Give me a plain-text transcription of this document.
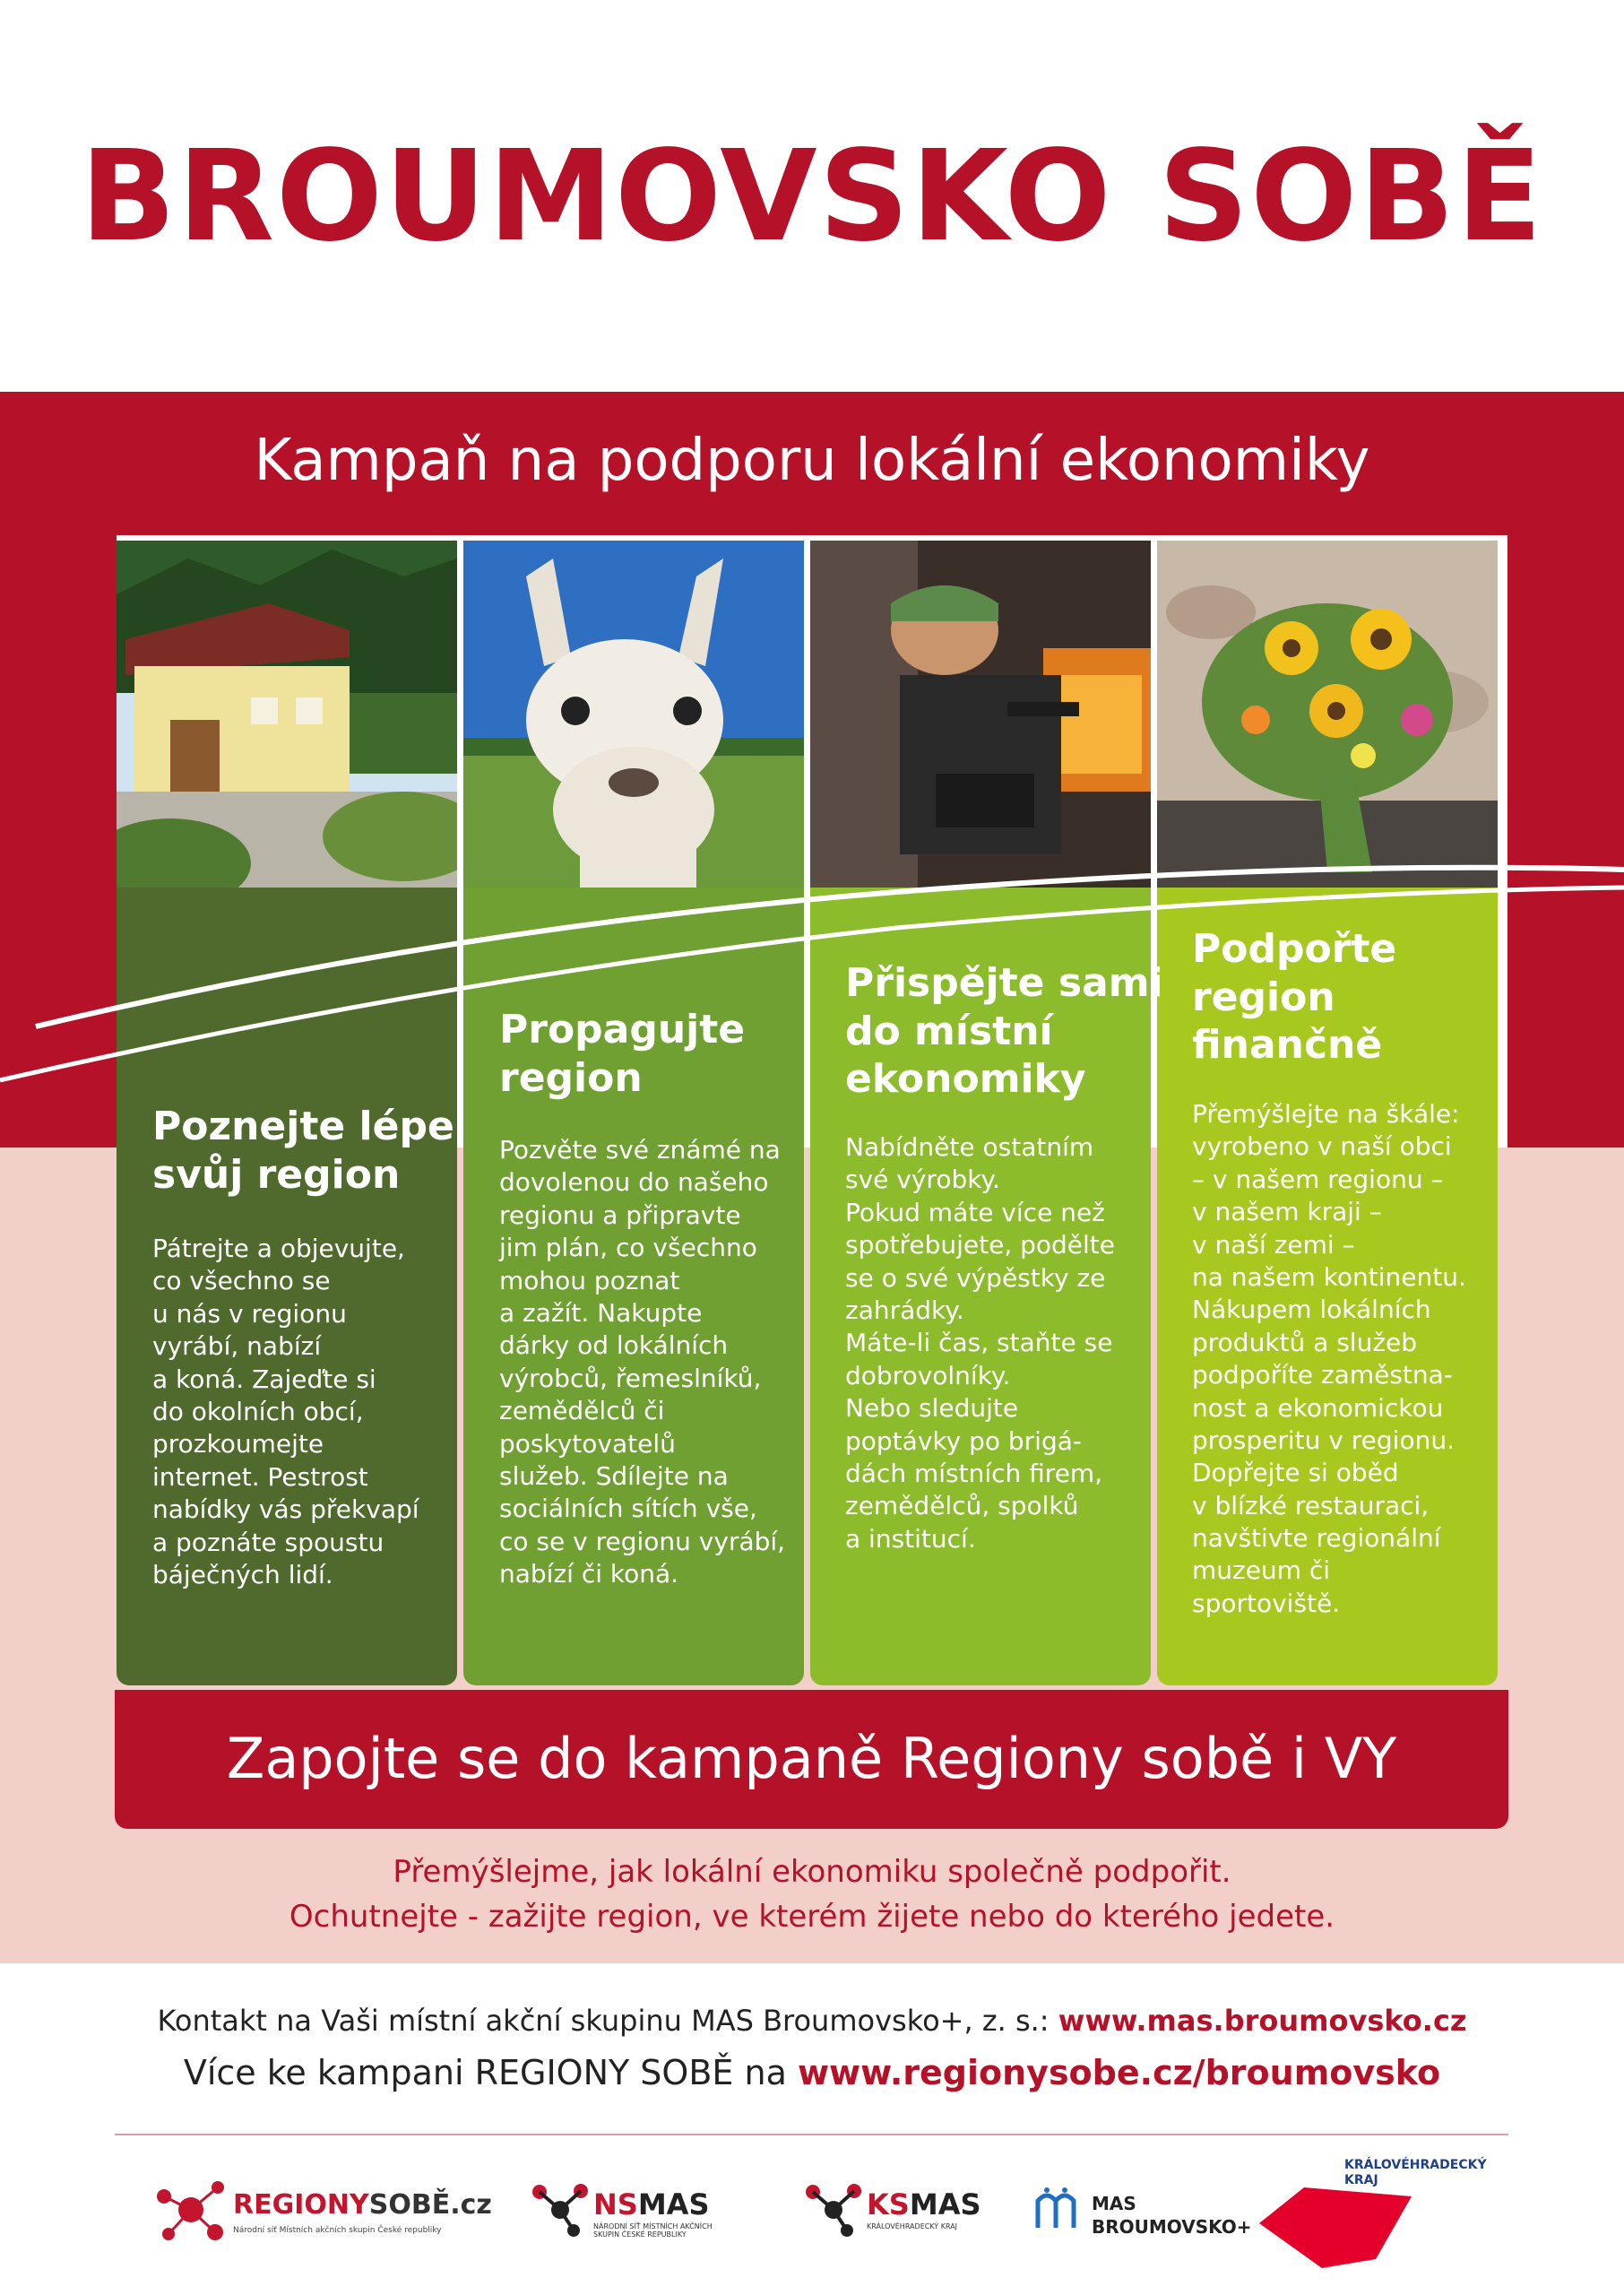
BROUMOVSKO SOBĚ
Kampaň na podporu lokální ekonomiky
Poznejte lépe
svůj region
Pátrejte a objevujte,
co všechno se
u nás v regionu
vyrábí, nabízí
a koná. Zajeďte si
do okolních obcí,
prozkoumejte
internet. Pestrost
nabídky vás překvapí
a poznáte spoustu
báječných lidí.
Propagujte
region
Pozvěte své známé na
dovolenou do našeho
regionu a připravte
jim plán, co všechno
mohou poznat
a zažít. Nakupte
dárky od lokálních
výrobců, řemeslníků,
zemědělců či
poskytovatelů
služeb. Sdílejte na
sociálních sítích vše,
co se v regionu vyrábí,
nabízí či koná.
Přispějte sami
do místní
ekonomiky
Nabídněte ostatním
své výrobky.
Pokud máte více než
spotřebujete, podělte
se o své výpěstky ze
zahrádky.
Máte-li čas, staňte se
dobrovolníky.
Nebo sledujte
poptávky po brigá-
dách místních firem,
zemědělců, spolků
a institucí.
Podpořte
region
finančně
Přemýšlejte na škále:
vyrobeno v naší obci
– v našem regionu –
v našem kraji –
v naší zemi –
na našem kontinentu.
Nákupem lokálních
produktů a služeb
podpoříte zaměstna-
nost a ekonomickou
prosperitu v regionu.
Dopřejte si oběd
v blízké restauraci,
navštivte regionální
muzeum či
sportoviště.
Zapojte se do kampaně Regiony sobě i VY
Přemýšlejme, jak lokální ekonomiku společně podpořit.
Ochutnejte - zažijte region, ve kterém žijete nebo do kterého jedete.
Kontakt na Vaši místní akční skupinu MAS Broumovsko+, z. s.: www.mas.broumovsko.cz
Více ke kampani REGIONY SOBĚ na www.regionysobe.cz/broumovsko
REGIONYSOBĚ.cz
Národní síť Místních akčních skupin České republiky
NSMAS
NÁRODNÍ SÍŤ MÍSTNÍCH AKČNÍCH SKUPIN ČESKÉ REPUBLIKY
KSMAS
KRÁLOVÉHRADECKÝ KRAJ
MAS
BROUMOVSKO+
KRÁLOVÉHRADECKÝ
KRAJ
